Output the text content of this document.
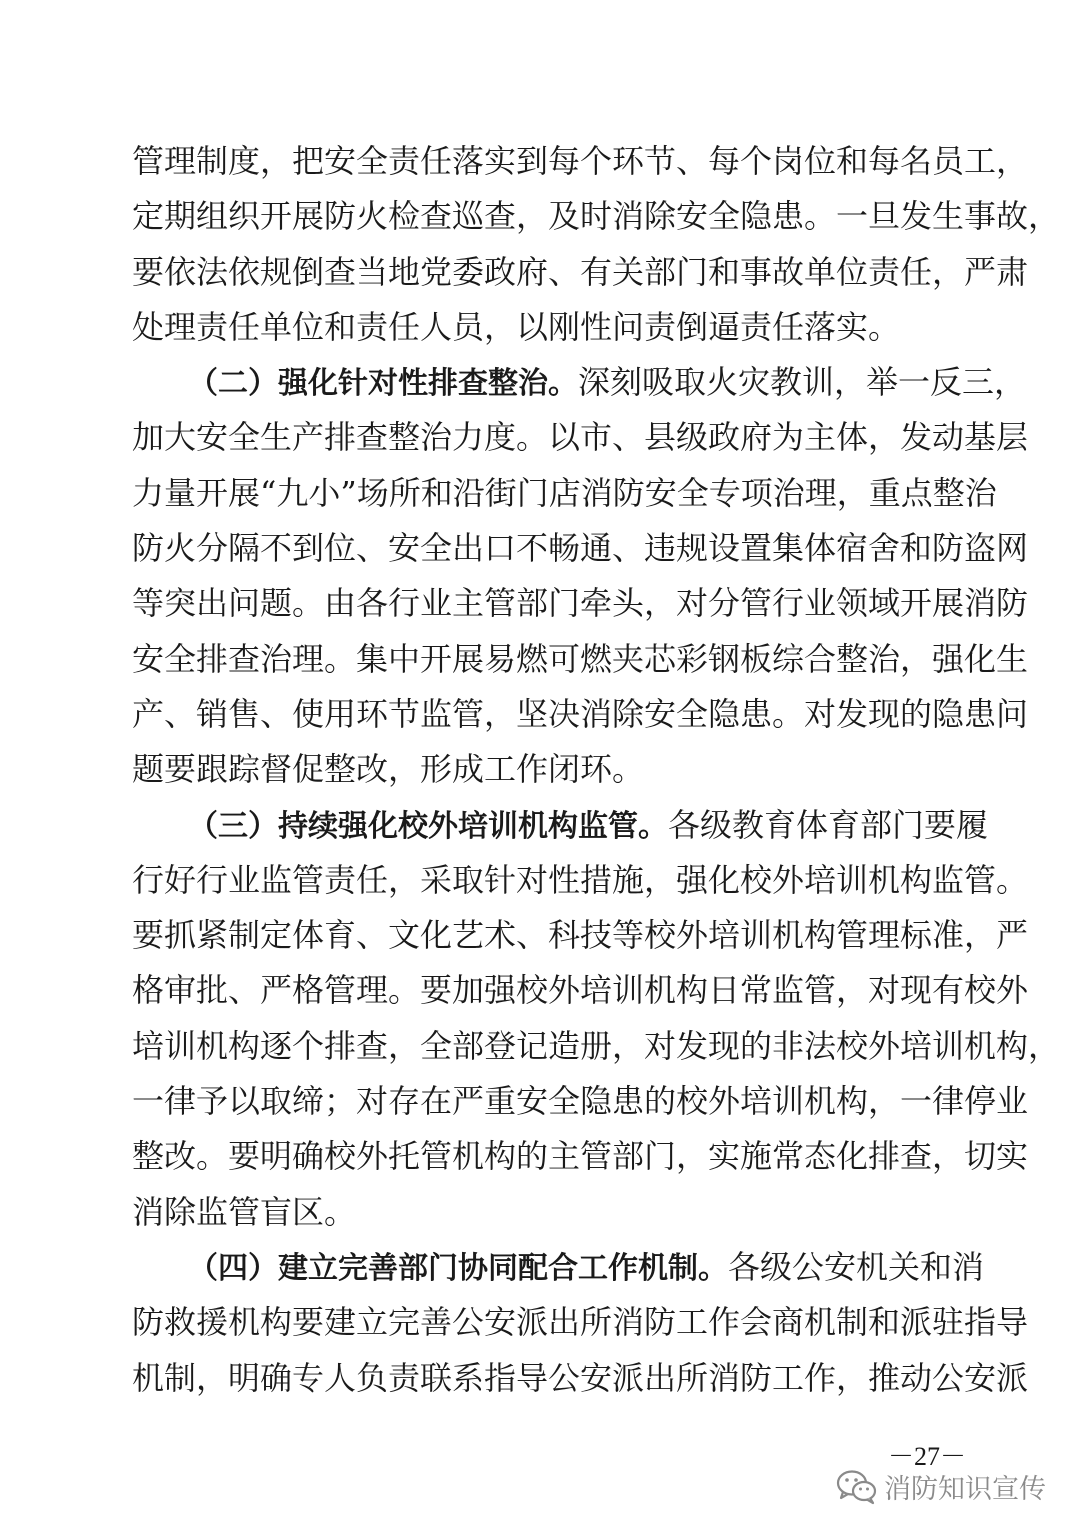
管理制度，把安全责任落实到每个环节、每个岗位和每名员工，
定期组织开展防火检查巡查，及时消除安全隐患。一旦发生事故，
要依法依规倒查当地党委政府、有关部门和事故单位责任，严肃
处理责任单位和责任人员，以刚性问责倒逼责任落实。
（二）强化针对性排查整治。深刻吸取火灾教训，举一反三，
加大安全生产排查整治力度。以市、县级政府为主体，发动基层
力量开展“九小”场所和沿街门店消防安全专项治理，重点整治
防火分隔不到位、安全出口不畅通、违规设置集体宿舍和防盗网
等突出问题。由各行业主管部门牵头，对分管行业领域开展消防
安全排查治理。集中开展易燃可燃夹芯彩钢板综合整治，强化生
产、销售、使用环节监管，坚决消除安全隐患。对发现的隐患问
题要跟踪督促整改，形成工作闭环。
（三）持续强化校外培训机构监管。各级教育体育部门要履
行好行业监管责任，采取针对性措施，强化校外培训机构监管。
要抓紧制定体育、文化艺术、科技等校外培训机构管理标准，严
格审批、严格管理。要加强校外培训机构日常监管，对现有校外
培训机构逐个排查，全部登记造册，对发现的非法校外培训机构，
一律予以取缔；对存在严重安全隐患的校外培训机构，一律停业
整改。要明确校外托管机构的主管部门，实施常态化排查，切实
消除监管盲区。
（四）建立完善部门协同配合工作机制。各级公安机关和消
防救援机构要建立完善公安派出所消防工作会商机制和派驻指导
机制，明确专人负责联系指导公安派出所消防工作，推动公安派
－27－
消防知识宣传
